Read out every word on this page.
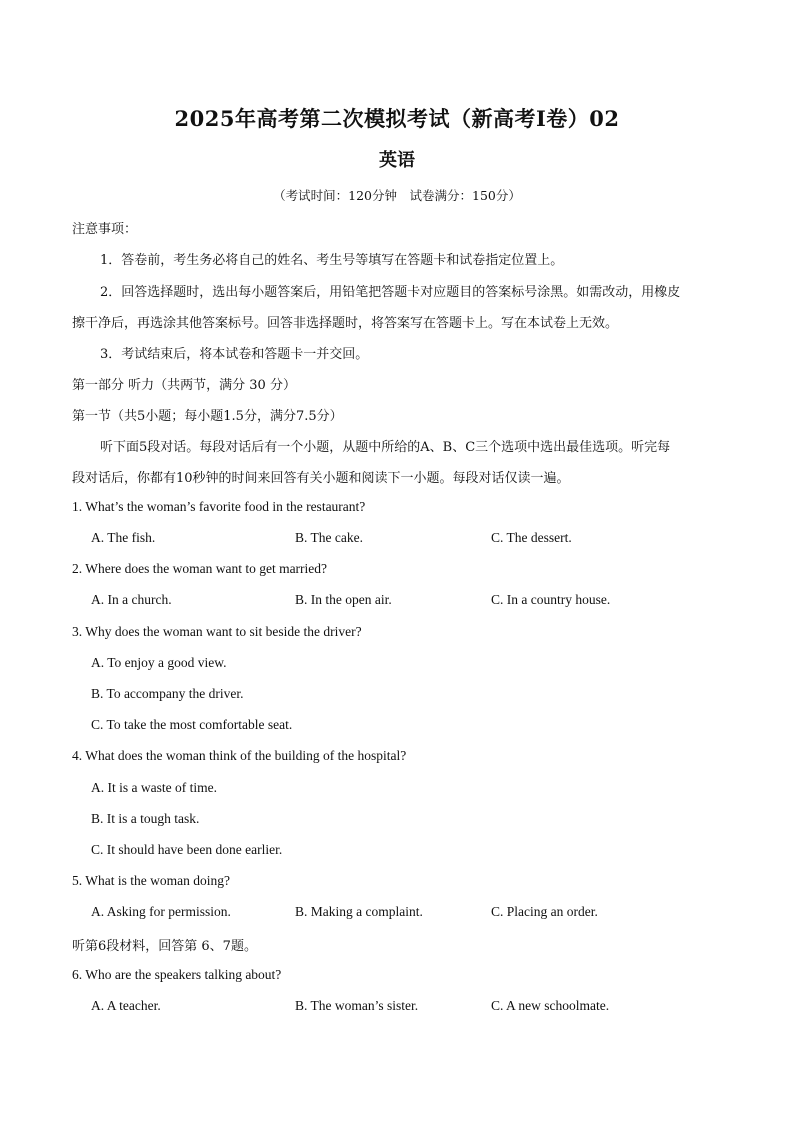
2025年高考第二次模拟考试（新高考I卷）02
英语
（考试时间：120分钟　试卷满分：150分）
注意事项：
1．答卷前，考生务必将自己的姓名、考生号等填写在答题卡和试卷指定位置上。
2．回答选择题时，选出每小题答案后，用铅笔把答题卡对应题目的答案标号涂黑。如需改动，用橡皮
擦干净后，再选涂其他答案标号。回答非选择题时，将答案写在答题卡上。写在本试卷上无效。
3．考试结束后，将本试卷和答题卡一并交回。
第一部分 听力（共两节，满分 30 分）
第一节（共5小题；每小题1.5分，满分7.5分）
听下面5段对话。每段对话后有一个小题，从题中所给的A、B、C三个选项中选出最佳选项。听完每
段对话后，你都有10秒钟的时间来回答有关小题和阅读下一小题。每段对话仅读一遍。
1. What’s the woman’s favorite food in the restaurant?
A. The fish.	B. The cake.	C. The dessert.
2. Where does the woman want to get married?
A. In a church.	B. In the open air.	C. In a country house.
3. Why does the woman want to sit beside the driver?
A. To enjoy a good view.
B. To accompany the driver.
C. To take the most comfortable seat.
4. What does the woman think of the building of the hospital?
A. It is a waste of time.
B. It is a tough task.
C. It should have been done earlier.
5. What is the woman doing?
A. Asking for permission.	B. Making a complaint.	C. Placing an order.
听第6段材料，回答第 6、7题。
6. Who are the speakers talking about?
A. A teacher.	B. The woman’s sister.	C. A new schoolmate.
